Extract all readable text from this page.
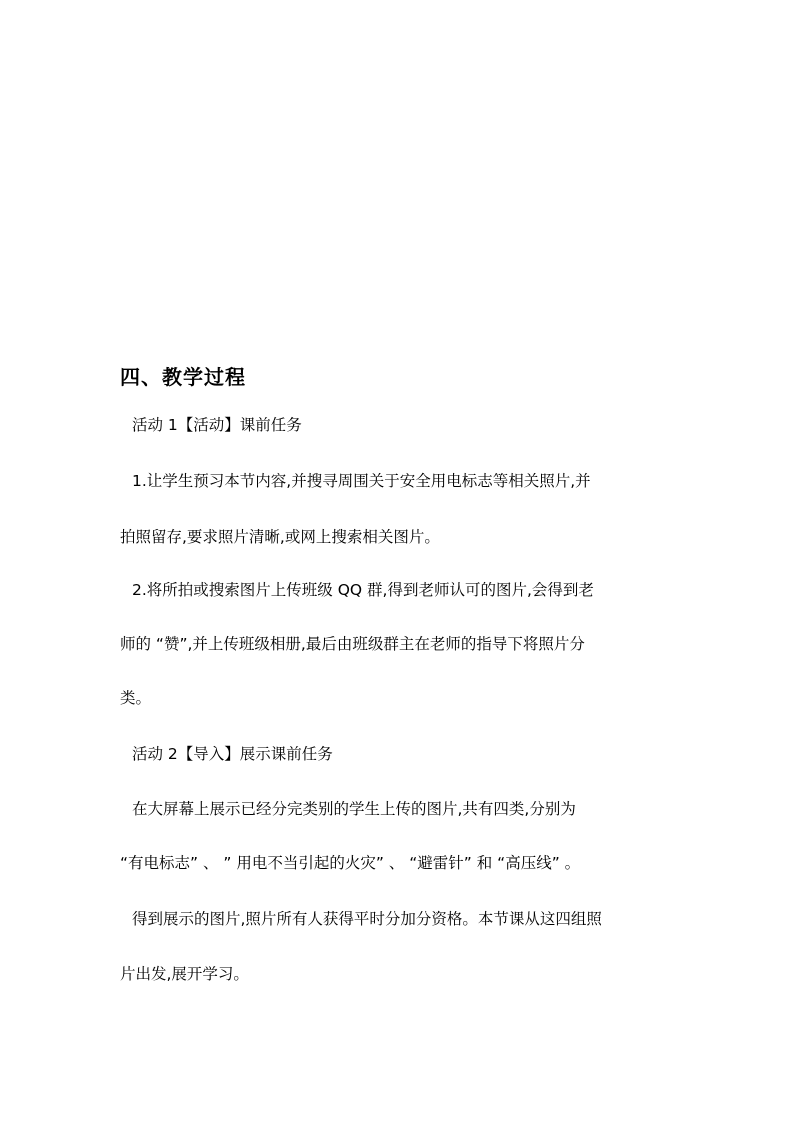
四、教学过程
活动 1【活动】课前任务
1.让学生预习本节内容,并搜寻周围关于安全用电标志等相关照片,并
拍照留存,要求照片清晰,或网上搜索相关图片。
2.将所拍或搜索图片上传班级 QQ 群,得到老师认可的图片,会得到老
师的 “赞”,并上传班级相册,最后由班级群主在老师的指导下将照片分
类。
活动 2【导入】展示课前任务
在大屏幕上展示已经分完类别的学生上传的图片,共有四类,分别为
“有电标志” 、 ” 用电不当引起的火灾” 、 “避雷针” 和 “高压线” 。
得到展示的图片,照片所有人获得平时分加分资格。本节课从这四组照
片出发,展开学习。
